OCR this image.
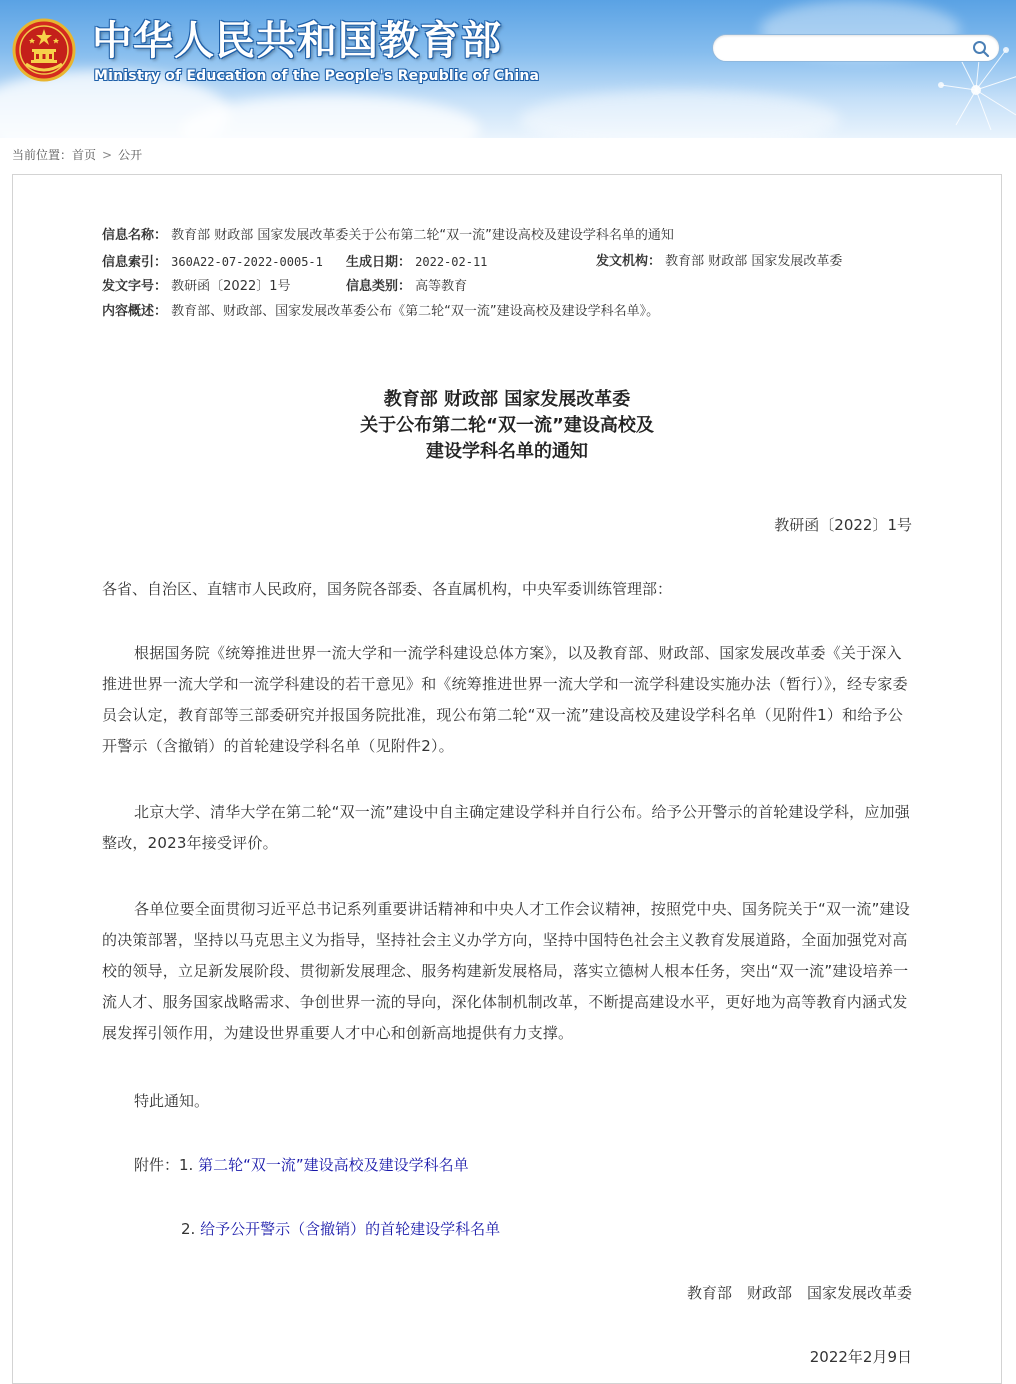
中华人民共和国教育部
Ministry of Education of the People's Republic of China
当前位置：首页 > 公开
信息名称： 教育部 财政部 国家发展改革委关于公布第二轮“双一流”建设高校及建设学科名单的通知
信息索引： 360A22-07-2022-0005-1 生成日期： 2022-02-11	发文机构： 教育部 财政部 国家发展改革委
发文字号： 教研函〔2022〕1号	信息类别： 高等教育
内容概述： 教育部、财政部、国家发展改革委公布《第二轮“双一流”建设高校及建设学科名单》。
教育部 财政部 国家发展改革委
关于公布第二轮“双一流”建设高校及
建设学科名单的通知
教研函〔2022〕1号
各省、自治区、直辖市人民政府，国务院各部委、各直属机构，中央军委训练管理部：
根据国务院《统筹推进世界一流大学和一流学科建设总体方案》，以及教育部、财政部、国家发展改革委《关于深入推进世界一流大学和一流学科建设的若干意见》和《统筹推进世界一流大学和一流学科建设实施办法（暂行）》，经专家委员会认定，教育部等三部委研究并报国务院批准，现公布第二轮“双一流”建设高校及建设学科名单（见附件1）和给予公开警示（含撤销）的首轮建设学科名单（见附件2）。
北京大学、清华大学在第二轮“双一流”建设中自主确定建设学科并自行公布。给予公开警示的首轮建设学科，应加强整改，2023年接受评价。
各单位要全面贯彻习近平总书记系列重要讲话精神和中央人才工作会议精神，按照党中央、国务院关于“双一流”建设的决策部署，坚持以马克思主义为指导，坚持社会主义办学方向，坚持中国特色社会主义教育发展道路，全面加强党对高校的领导，立足新发展阶段、贯彻新发展理念、服务构建新发展格局，落实立德树人根本任务，突出“双一流”建设培养一流人才、服务国家战略需求、争创世界一流的导向，深化体制机制改革，不断提高建设水平，更好地为高等教育内涵式发展发挥引领作用，为建设世界重要人才中心和创新高地提供有力支撑。
特此通知。
附件：1. 第二轮“双一流”建设高校及建设学科名单
2. 给予公开警示（含撤销）的首轮建设学科名单
教育部　财政部　国家发展改革委
2022年2月9日
